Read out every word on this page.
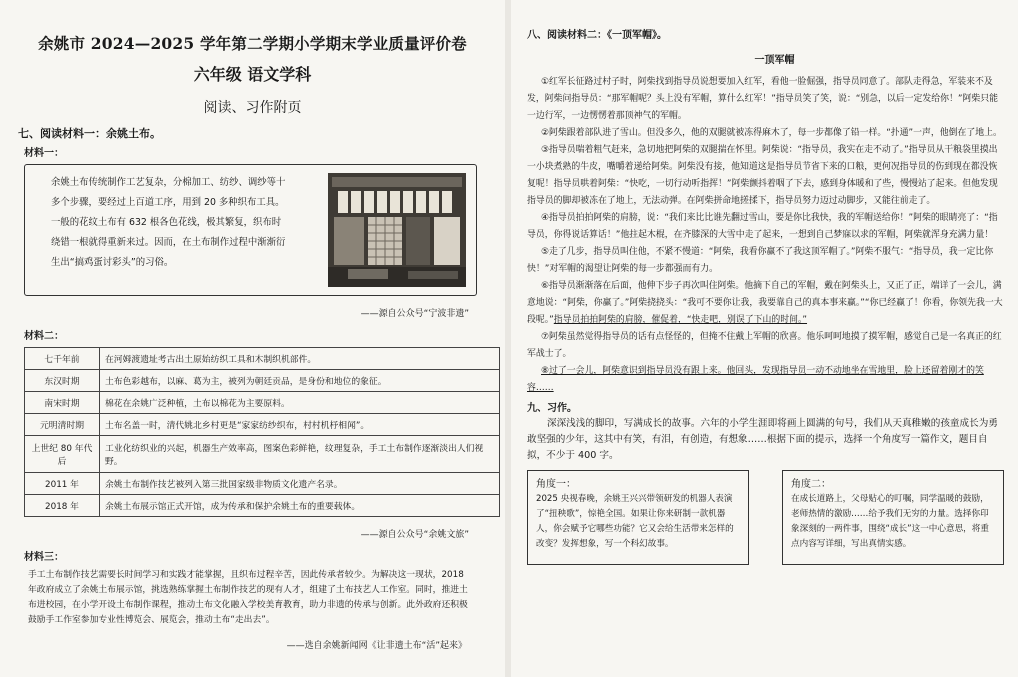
余姚市 2024—2025 学年第二学期小学期末学业质量评价卷
六年级 语文学科
阅读、习作附页
七、阅读材料一：余姚土布。
材料一：
余姚土布传统制作工艺复杂，分棉加工、纺纱、调纱等十多个步骤，要经过上百道工序，用到 20 多种织布工具。一般的花纹土布有 632 根各色花线，极其繁复，织布时绕错一根就得重新来过。因而，在土布制作过程中渐渐衍生出“搞鸡蛋讨彩头”的习俗。
——源自公众号“宁波非遗”
材料二：
七千年前	在河姆渡遗址考古出土原始纺织工具和木制织机部件。
东汉时期	土布色彩越布，以麻、葛为主，被列为朝廷贡品，是身份和地位的象征。
南宋时期	棉花在余姚广泛种植，土布以棉花为主要原料。
元明清时期	土布名盖一时，清代姚北乡村更是“家家纺纱织布，村村机杼相闻”。
上世纪 80 年代后	工业化纺织业的兴起，机器生产效率高，图案色彩鲜艳，纹理复杂，手工土布制作逐渐淡出人们视野。
2011 年	余姚土布制作技艺被列入第三批国家级非物质文化遗产名录。
2018 年	余姚土布展示馆正式开馆，成为传承和保护余姚土布的重要载体。
——源自公众号“余姚文旅”
材料三：
手工土布制作技艺需要长时间学习和实践才能掌握，且织布过程辛苦，因此传承者较少。为解决这一现状，2018 年政府成立了余姚土布展示馆，挑选熟练掌握土布制作技艺的现有人才，组建了土布技艺人工作室。同时，推进土布进校园，在小学开设土布制作课程，推动土布文化融入学校美育教育，助力非遗的传承与创新。此外政府还积极鼓励手工作室参加专业性博览会、展览会，推动土布“走出去”。
——选自余姚新闻网《让非遗土布“活”起来》
八、阅读材料二：《一顶军帽》。
一顶军帽

①红军长征路过村子时，阿柴找到指导员说想要加入红军，看他一脸倔强，指导员同意了。部队走得急，军装来不及发，阿柴问指导员：“那军帽呢？头上没有军帽，算什么红军！”指导员笑了笑，说：“别急，以后一定发给你！”阿柴只能一边行军，一边愣愣着那顶神气的军帽。

②阿柴跟着部队进了雪山。但没多久，他的双腿就被冻得麻木了，每一步都像了铅一样。“扑通”一声，他倒在了地上。

③指导员喘着粗气赶来，急切地把阿柴的双腿揣在怀里。阿柴说：“指导员，我实在走不动了。”指导员从干粮袋里摸出一小块煮熟的牛皮，嘴嚼着递给阿柴。阿柴没有接，他知道这是指导员节省下来的口粮，更何况指导员的伤到现在都没恢复呢！指导员哄着阿柴：“快吃，一切行动听指挥！”阿柴颤抖着咽了下去，感到身体暖和了些，慢慢站了起来。但他发现指导员的脚却被冻在了地上，无法动弹。在阿柴拼命地搓揉下，指导员努力迈过动脚步，又能往前走了。

④指导员拍拍阿柴的肩膀，说：“我们来比比谁先翻过雪山，要是你比我快，我的军帽送给你！”阿柴的眼睛亮了：“指导员，你得说话算话！”他拄起木棍，在齐膝深的大雪中走了起来，一想到自己梦寐以求的军帽，阿柴就浑身充满力量！

⑤走了几步，指导员叫住他，不紧不慢道：“阿柴，我看你赢不了我这顶军帽了。”阿柴不服气：“指导员，我一定比你快！”对军帽的渴望让阿柴的每一步都强而有力。

⑥指导员渐渐落在后面，他伸下步子再次叫住阿柴。他摘下自己的军帽，戴在阿柴头上，又正了正，端详了一会儿，满意地说：“阿柴，你赢了。”阿柴挠挠头：“我可不要你让我，我要靠自己的真本事来赢。”“你已经赢了！你看，你领先我一大段呢。”指导员拍拍阿柴的肩膀，催促着，“快走吧，别误了下山的时间。”

⑦阿柴虽然觉得指导员的话有点怪怪的，但掩不住戴上军帽的欣喜。他乐呵呵地摸了摸军帽，感觉自己是一名真正的红军战士了。

⑧过了一会儿，阿柴意识到指导员没有跟上来。他回头，发现指导员一动不动地坐在雪地里，脸上还留着刚才的笑容……

九、习作。

深深浅浅的脚印，写满成长的故事。六年的小学生涯即将画上圆满的句号，我们从天真稚嫩的孩童成长为勇敢坚强的少年，这其中有笑，有泪，有创造，有想象……根据下面的提示，选择一个角度写一篇作文，题目自拟，不少于 400 字。

角度一：
2025 央视春晚，余姚王兴兴带领研发的机器人表演了“扭秧歌”，惊艳全国。如果让你来研制一款机器人，你会赋予它哪些功能？它又会给生活带来怎样的改变？发挥想象，写一个科幻故事。
角度二：
在成长道路上，父母贴心的叮嘱，同学温暖的鼓励，老师热情的激励……给予我们无穷的力量。选择你印象深刻的一两件事，围绕“成长”这一中心意思，将重点内容写详细，写出真情实感。
